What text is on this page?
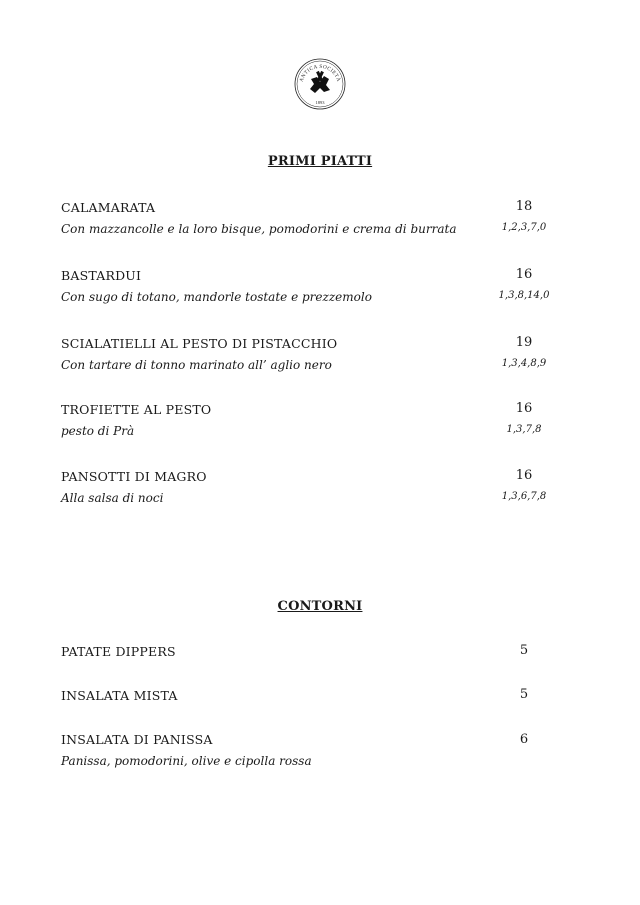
ANTICA SOCIETÀ
1893
PRIMI PIATTI
CALAMARATA	18
Con mazzancolle e la loro bisque, pomodorini e crema di burrata	1,2,3,7,0
BASTARDUI	16
Con sugo di totano, mandorle tostate e prezzemolo	1,3,8,14,0
SCIALATIELLI AL PESTO DI PISTACCHIO	19
Con tartare di tonno marinato all’ aglio nero	1,3,4,8,9
TROFIETTE AL PESTO	16
pesto di Prà	1,3,7,8
PANSOTTI DI MAGRO	16
Alla salsa di noci	1,3,6,7,8
CONTORNI
PATATE DIPPERS	5
INSALATA MISTA	5
INSALATA DI PANISSA	6
Panissa, pomodorini, olive e cipolla rossa
